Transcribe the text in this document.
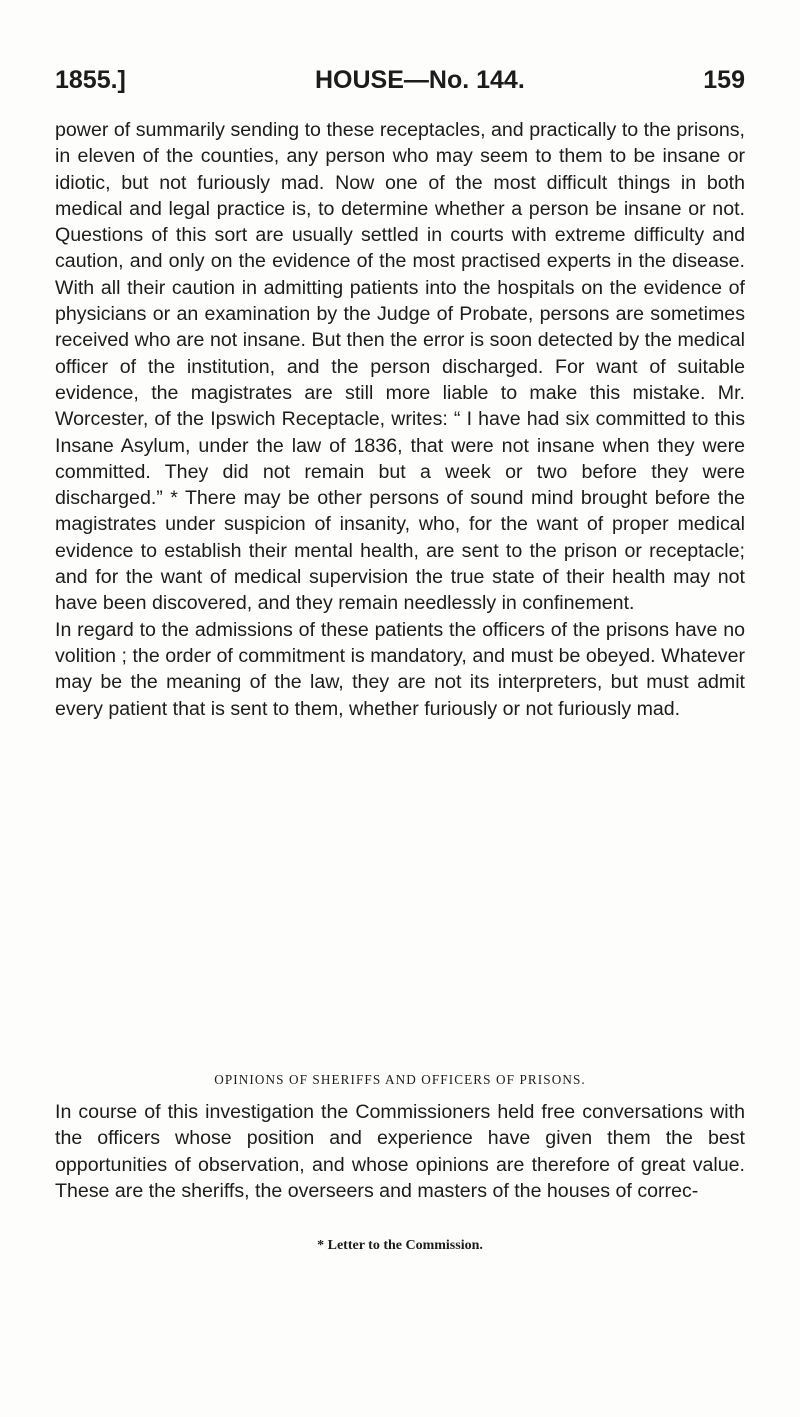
1855.]	HOUSE—No. 144.	159

power of summarily sending to these receptacles, and practically to the prisons, in eleven of the counties, any person who may seem to them to be insane or idiotic, but not furiously mad. Now one of the most difficult things in both medical and legal practice is, to determine whether a person be insane or not. Questions of this sort are usually settled in courts with extreme difficulty and caution, and only on the evidence of the most practised experts in the disease. With all their caution in admitting patients into the hospitals on the evidence of physicians or an examination by the Judge of Probate, persons are sometimes received who are not insane. But then the error is soon detected by the medical officer of the institution, and the person discharged. For want of suitable evidence, the magistrates are still more liable to make this mistake. Mr. Worcester, of the Ipswich Receptacle, writes: “ I have had six committed to this Insane Asylum, under the law of 1836, that were not insane when they were committed. They did not remain but a week or two before they were discharged.” * There may be other persons of sound mind brought before the magistrates under suspicion of insanity, who, for the want of proper medical evidence to establish their mental health, are sent to the prison or receptacle; and for the want of medical supervision the true state of their health may not have been discovered, and they remain needlessly in confinement.

In regard to the admissions of these patients the officers of the prisons have no volition ; the order of commitment is mandatory, and must be obeyed. Whatever may be the meaning of the law, they are not its interpreters, but must admit every patient that is sent to them, whether furiously or not furiously mad.

OPINIONS OF SHERIFFS AND OFFICERS OF PRISONS.

In course of this investigation the Commissioners held free conversations with the officers whose position and experience have given them the best opportunities of observation, and whose opinions are therefore of great value. These are the sheriffs, the overseers and masters of the houses of correc-

* Letter to the Commission.
